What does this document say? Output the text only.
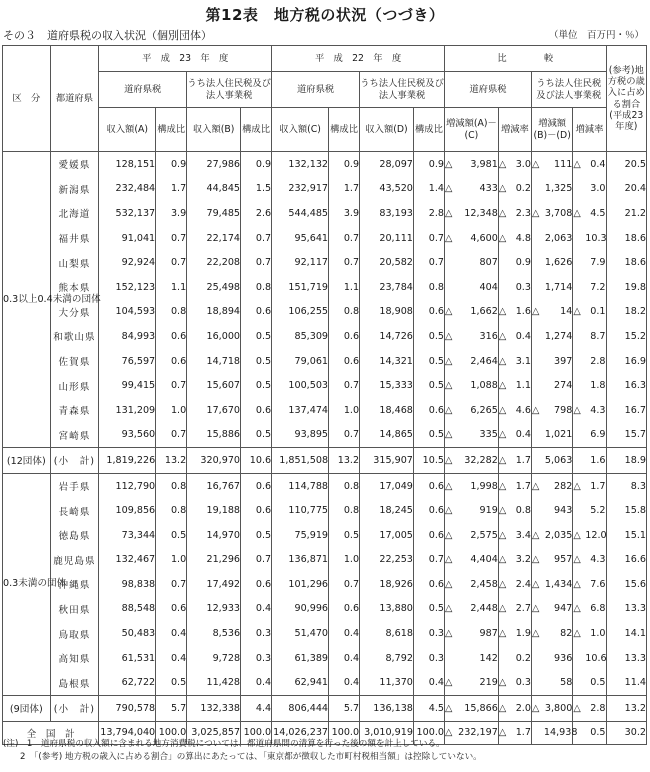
第12表　地方税の状況（つづき）
その３　道府県税の収入状況（個別団体）	（単位　百万円・％）
区　分	都道府県	平　成　23　年　度				平　成　22　年　度				比　　　　較								(参考)地方税の歳入に占める割合(平成23年度)
		道府県税		うち法人住民税及び法人事業税		道府県税		うち法人住民税及び法人事業税		道府県税				うち法人住民税及び法人事業税				
		収入額(A)	構成比	収入額(B)	構成比	収入額(C)	構成比	収入額(D)	構成比	増減額(A)－(C)		増減率		増減額(B)－(D)		増減率		
0.3以上0.4未満の団体	愛媛県	128,151	0.9	27,986	0.9	132,132	0.9	28,097	0.9	△	3,981	△	3.0	△	111	△	0.4	20.5
	新潟県	232,484	1.7	44,845	1.5	232,917	1.7	43,520	1.4	△	433	△	0.2		1,325		3.0	20.4
	北海道	532,137	3.9	79,485	2.6	544,485	3.9	83,193	2.8	△	12,348	△	2.3	△	3,708	△	4.5	21.2
	福井県	91,041	0.7	22,174	0.7	95,641	0.7	20,111	0.7	△	4,600	△	4.8		2,063		10.3	18.6
	山梨県	92,924	0.7	22,208	0.7	92,117	0.7	20,582	0.7		807		0.9		1,626		7.9	18.6
	熊本県	152,123	1.1	25,498	0.8	151,719	1.1	23,784	0.8		404		0.3		1,714		7.2	19.8
	大分県	104,593	0.8	18,894	0.6	106,255	0.8	18,908	0.6	△	1,662	△	1.6	△	14	△	0.1	18.2
	和歌山県	84,993	0.6	16,000	0.5	85,309	0.6	14,726	0.5	△	316	△	0.4		1,274		8.7	15.2
	佐賀県	76,597	0.6	14,718	0.5	79,061	0.6	14,321	0.5	△	2,464	△	3.1		397		2.8	16.9
	山形県	99,415	0.7	15,607	0.5	100,503	0.7	15,333	0.5	△	1,088	△	1.1		274		1.8	16.3
	青森県	131,209	1.0	17,670	0.6	137,474	1.0	18,468	0.6	△	6,265	△	4.6	△	798	△	4.3	16.7
	宮崎県	93,560	0.7	15,886	0.5	93,895	0.7	14,865	0.5	△	335	△	0.4		1,021		6.9	15.7
(12団体)	(小　計)	1,819,226	13.2	320,970	10.6	1,851,508	13.2	315,907	10.5	△	32,282	△	1.7		5,063		1.6	18.9
0.3未満の団体	岩手県	112,790	0.8	16,767	0.6	114,788	0.8	17,049	0.6	△	1,998	△	1.7	△	282	△	1.7	8.3
	長崎県	109,856	0.8	19,188	0.6	110,775	0.8	18,245	0.6	△	919	△	0.8		943		5.2	15.8
	徳島県	73,344	0.5	14,970	0.5	75,919	0.5	17,005	0.6	△	2,575	△	3.4	△	2,035	△	12.0	15.1
	鹿児島県	132,467	1.0	21,296	0.7	136,871	1.0	22,253	0.7	△	4,404	△	3.2	△	957	△	4.3	16.6
	沖縄県	98,838	0.7	17,492	0.6	101,296	0.7	18,926	0.6	△	2,458	△	2.4	△	1,434	△	7.6	15.6
	秋田県	88,548	0.6	12,933	0.4	90,996	0.6	13,880	0.5	△	2,448	△	2.7	△	947	△	6.8	13.3
	鳥取県	50,483	0.4	8,536	0.3	51,470	0.4	8,618	0.3	△	987	△	1.9	△	82	△	1.0	14.1
	高知県	61,531	0.4	9,728	0.3	61,389	0.4	8,792	0.3		142		0.2		936		10.6	13.3
	島根県	62,722	0.5	11,428	0.4	62,941	0.4	11,370	0.4	△	219	△	0.3		58		0.5	11.4
(9団体)	(小　計)	790,578	5.7	132,338	4.4	806,444	5.7	136,138	4.5	△	15,866	△	2.0	△	3,800	△	2.8	13.2
全　国　計		13,794,040	100.0	3,025,857	100.0	14,026,237	100.0	3,010,919	100.0	△	232,197	△	1.7		14,938		0.5	30.2
(注)　1　道府県税の収入額に含まれる地方消費税については、都道府県間の清算を行った後の額を計上している。
2　「(参考) 地方税の歳入に占める割合」の算出にあたっては、「東京都が徴収した市町村税相当額」は控除していない。
